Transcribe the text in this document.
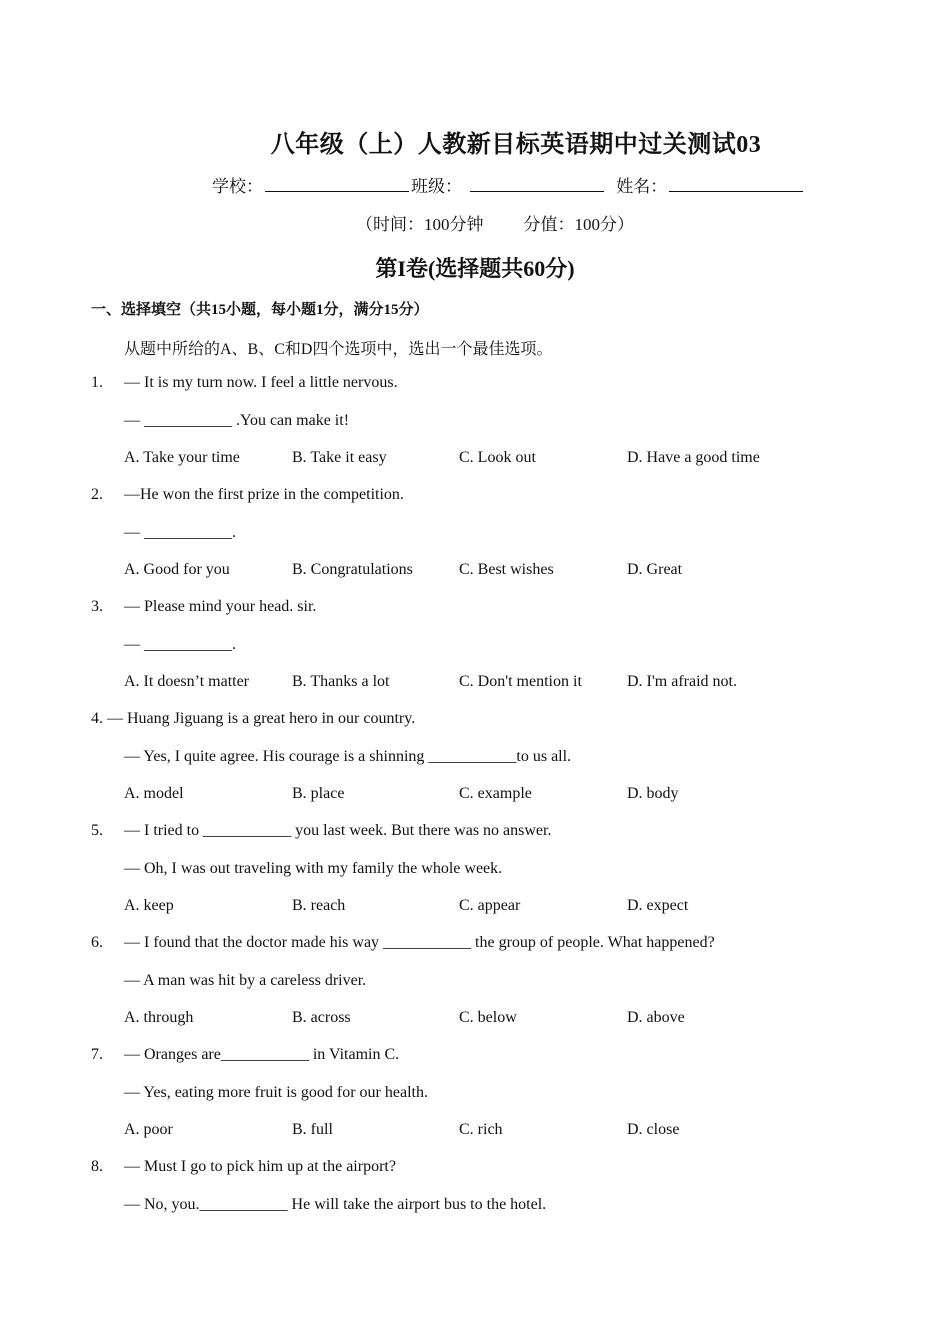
八年级（上）人教新目标英语期中过关测试03
学校：	班级：	姓名：
（时间：100分钟 分值：100分）
第I卷(选择题共60分)
一、选择填空（共15小题，每小题1分，满分15分）
从题中所给的A、B、C和D四个选项中，选出一个最佳选项。
1. — It is my turn now. I feel a little nervous.
— ___________ .You can make it!
A. Take your time	B. Take it easy	C. Look out	D. Have a good time
2. —He won the first prize in the competition.
— ___________.
A. Good for you	B. Congratulations	C. Best wishes	D. Great
3. — Please mind your head. sir.
— ___________.
A. It doesn’t matter	B. Thanks a lot	C. Don't mention it	D. I'm afraid not.
4. — Huang Jiguang is a great hero in our country.
— Yes, I quite agree. His courage is a shinning ___________to us all.
A. model	B. place	C. example	D. body
5. — I tried to ___________ you last week. But there was no answer.
— Oh, I was out traveling with my family the whole week.
A. keep	B. reach	C. appear	D. expect
6. — I found that the doctor made his way ___________ the group of people. What happened?
— A man was hit by a careless driver.
A. through	B. across	C. below	D. above
7. — Oranges are___________ in Vitamin C.
— Yes, eating more fruit is good for our health.
A. poor	B. full	C. rich	D. close
8. — Must I go to pick him up at the airport?
— No, you.___________ He will take the airport bus to the hotel.
